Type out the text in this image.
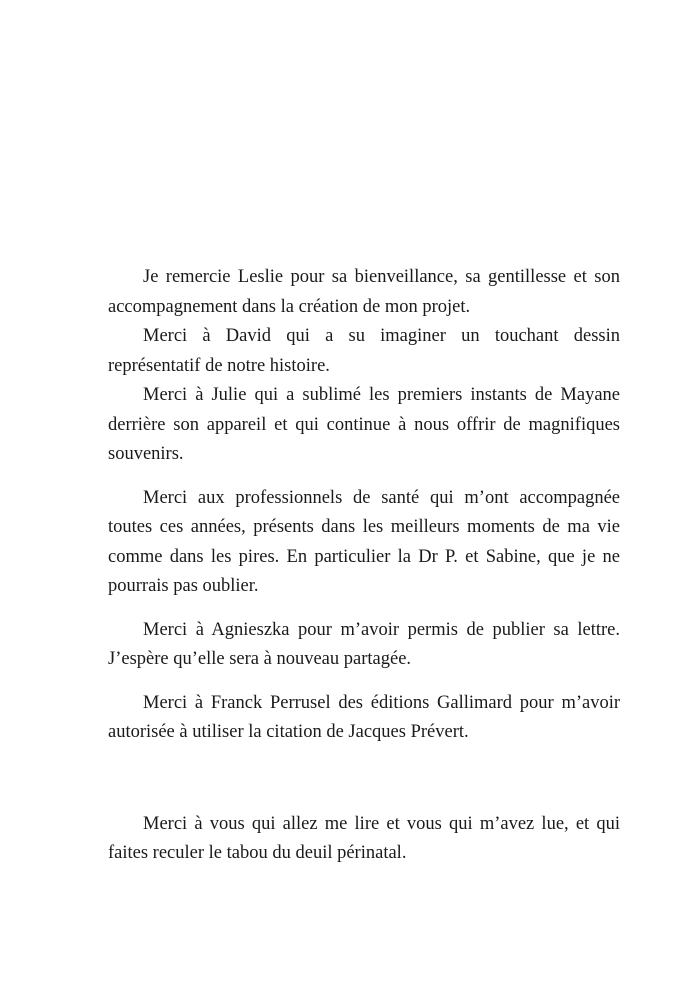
Je remercie Leslie pour sa bienveillance, sa gentillesse et son accompagnement dans la création de mon projet.

Merci à David qui a su imaginer un touchant dessin représentatif de notre histoire.

Merci à Julie qui a sublimé les premiers instants de Mayane derrière son appareil et qui continue à nous offrir de magnifiques souvenirs.

Merci aux professionnels de santé qui m’ont accompagnée toutes ces années, présents dans les meilleurs moments de ma vie comme dans les pires. En particulier la Dr P. et Sabine, que je ne pourrais pas oublier.

Merci à Agnieszka pour m’avoir permis de publier sa lettre. J’espère qu’elle sera à nouveau partagée.

Merci à Franck Perrusel des éditions Gallimard pour m’avoir autorisée à utiliser la citation de Jacques Prévert.

Merci à vous qui allez me lire et vous qui m’avez lue, et qui faites reculer le tabou du deuil périnatal.
